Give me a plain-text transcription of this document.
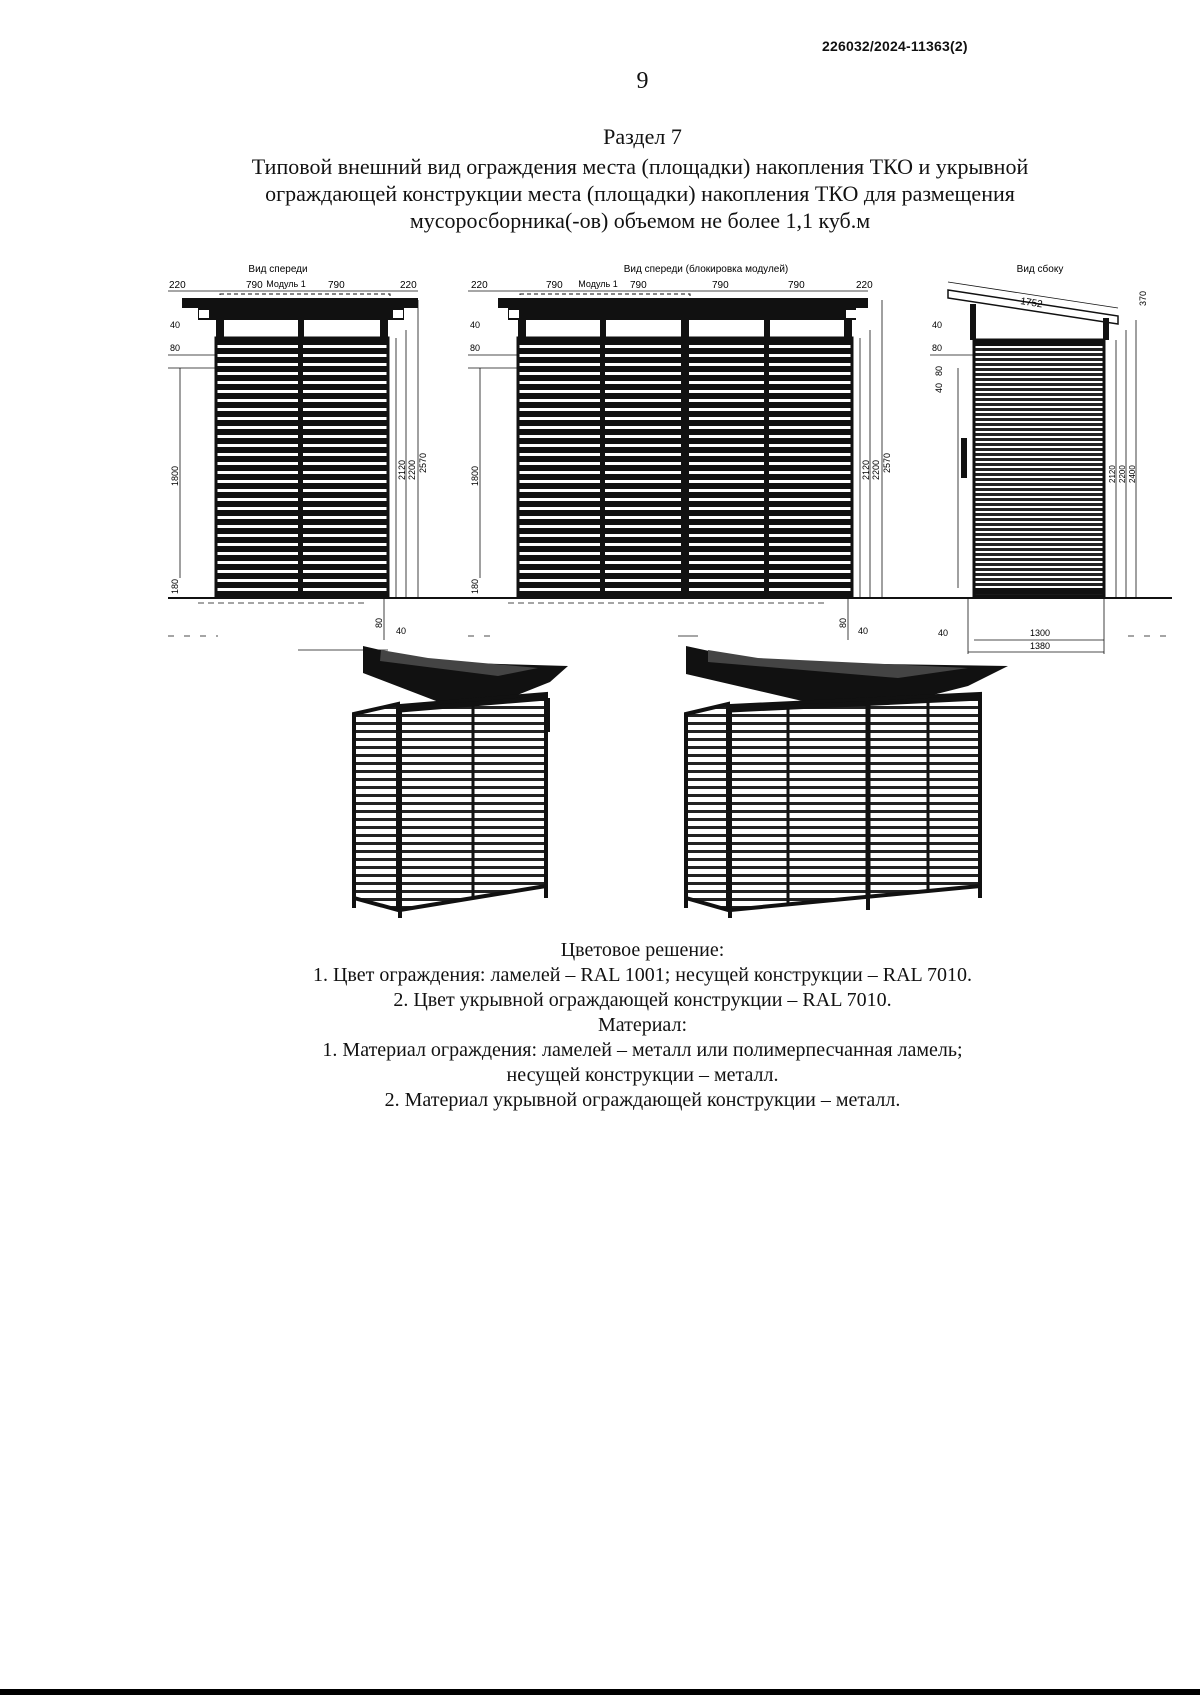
226032/2024-11363(2)
9
Раздел 7
Типовой внешний вид ограждения места (площадки) накопления ТКО и укрывной
ограждающей конструкции места (площадки) накопления ТКО для размещения
мусоросборника(-ов) объемом не более 1,1 куб.м
Вид спереди
Модуль 1
220	790	790	220
80
40
1800
180
2120 2200 2570
80
40
Вид спереди (блокировка модулей)
Модуль 1
220	790	790	790	790	220
40
80
1800
180
2120 2200 2570
80
40
Вид сбоку
1752	370
40
80
40
80
2120 2200 2400
40	1300
1380
Цветовое решение:
1. Цвет ограждения: ламелей – RAL 1001; несущей конструкции – RAL 7010.
2. Цвет укрывной ограждающей конструкции – RAL 7010.
Материал:
1. Материал ограждения: ламелей – металл или полимерпесчанная ламель;
несущей конструкции – металл.
2. Материал укрывной ограждающей конструкции – металл.
